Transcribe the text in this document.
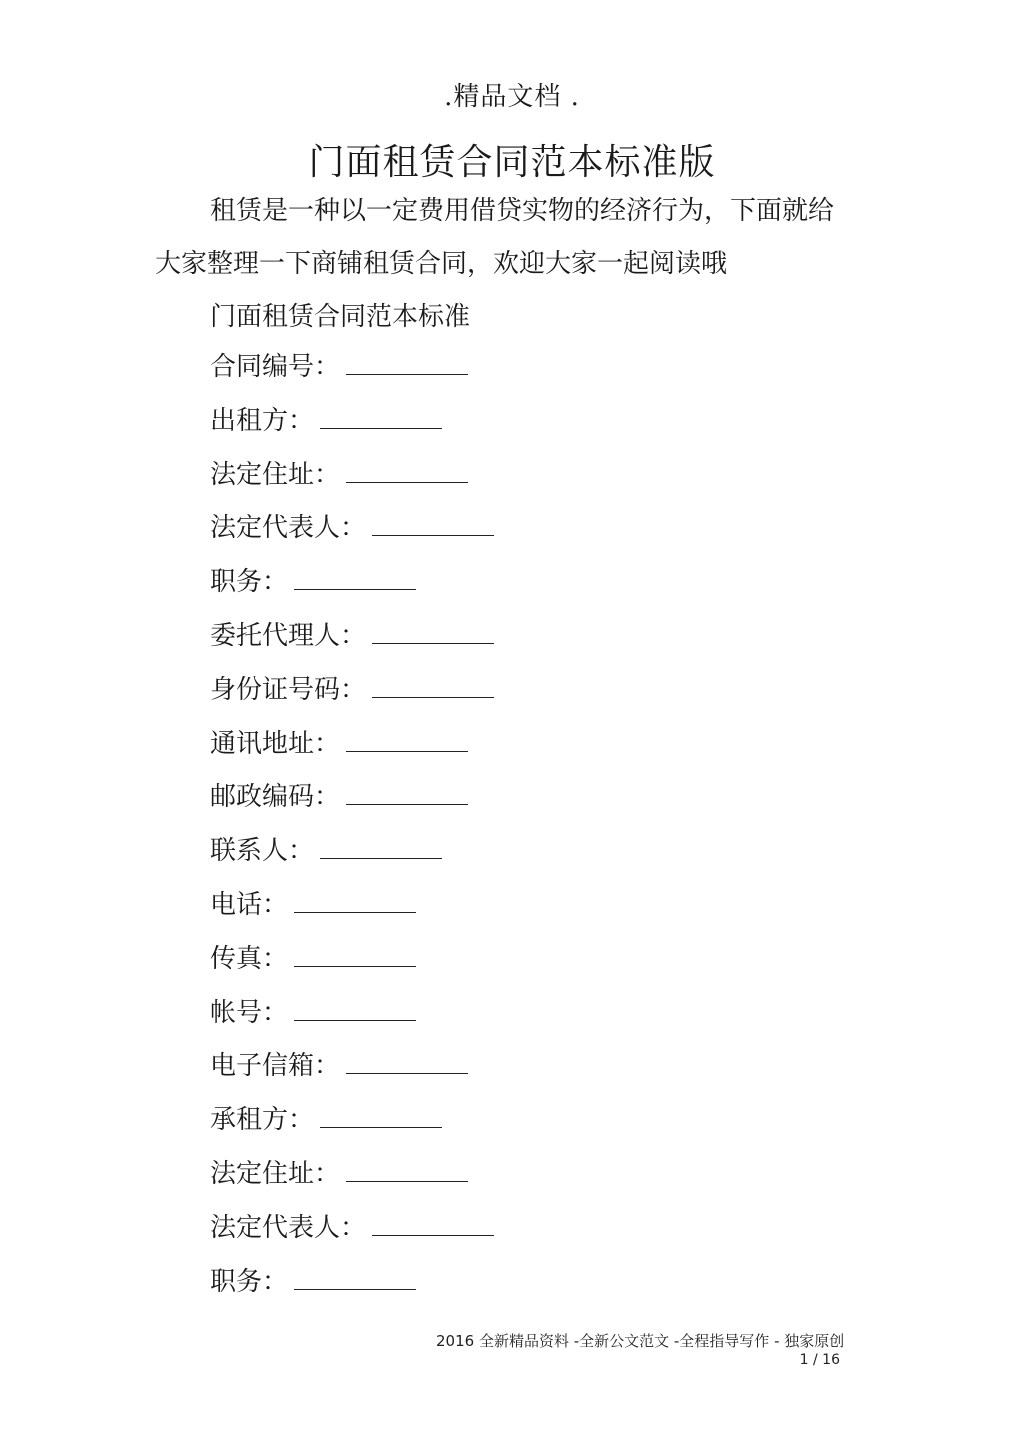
.精品文档 .
门面租赁合同范本标准版
租赁是一种以一定费用借贷实物的经济行为，下面就给
大家整理一下商铺租赁合同，欢迎大家一起阅读哦
门面租赁合同范本标准
合同编号：
出租方：
法定住址：
法定代表人：
职务：
委托代理人：
身份证号码：
通讯地址：
邮政编码：
联系人：
电话：
传真：
帐号：
电子信箱：
承租方：
法定住址：
法定代表人：
职务：
2016 全新精品资料 -全新公文范文 -全程指导写作 - 独家原创
1 / 16
